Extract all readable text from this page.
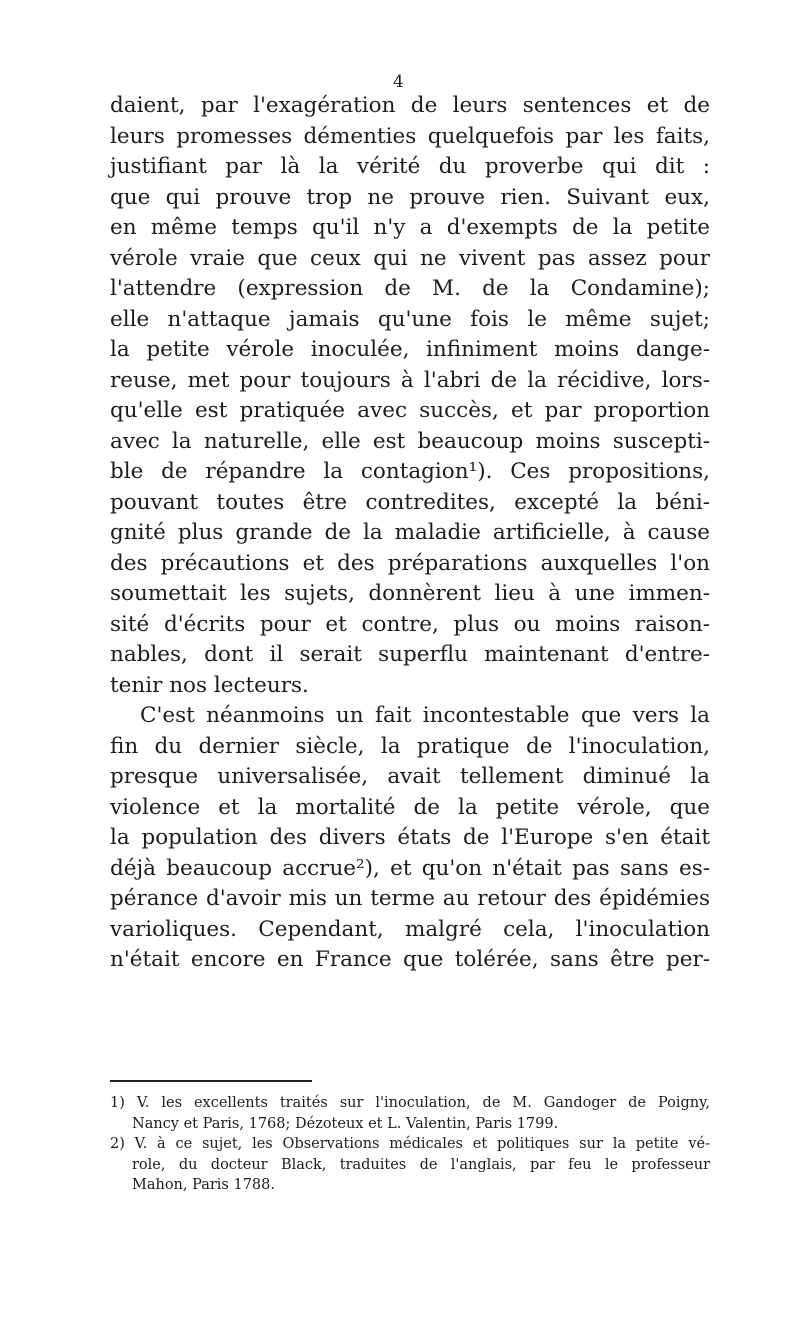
4
daient, par l'exagération de leurs sentences et de
leurs promesses démenties quelquefois par les faits,
justifiant par là la vérité du proverbe qui dit :
que qui prouve trop ne prouve rien. Suivant eux,
en même temps qu'il n'y a d'exempts de la petite
vérole vraie que ceux qui ne vivent pas assez pour
l'attendre (expression de M. de la Condamine);
elle n'attaque jamais qu'une fois le même sujet;
la petite vérole inoculée, infiniment moins dange-
reuse, met pour toujours à l'abri de la récidive, lors-
qu'elle est pratiquée avec succès, et par proportion
avec la naturelle, elle est beaucoup moins suscepti-
ble de répandre la contagion¹). Ces propositions,
pouvant toutes être contredites, excepté la béni-
gnité plus grande de la maladie artificielle, à cause
des précautions et des préparations auxquelles l'on
soumettait les sujets, donnèrent lieu à une immen-
sité d'écrits pour et contre, plus ou moins raison-
nables, dont il serait superflu maintenant d'entre-
tenir nos lecteurs.
C'est néanmoins un fait incontestable que vers la
fin du dernier siècle, la pratique de l'inoculation,
presque universalisée, avait tellement diminué la
violence et la mortalité de la petite vérole, que
la population des divers états de l'Europe s'en était
déjà beaucoup accrue²), et qu'on n'était pas sans es-
pérance d'avoir mis un terme au retour des épidémies
varioliques. Cependant, malgré cela, l'inoculation
n'était encore en France que tolérée, sans être per-
1) V. les excellents traités sur l'inoculation, de M. Gandoger de Poigny,
Nancy et Paris, 1768; Dézoteux et L. Valentin, Paris 1799.
2) V. à ce sujet, les Observations médicales et politiques sur la petite vé-
role, du docteur Black, traduites de l'anglais, par feu le professeur
Mahon, Paris 1788.
